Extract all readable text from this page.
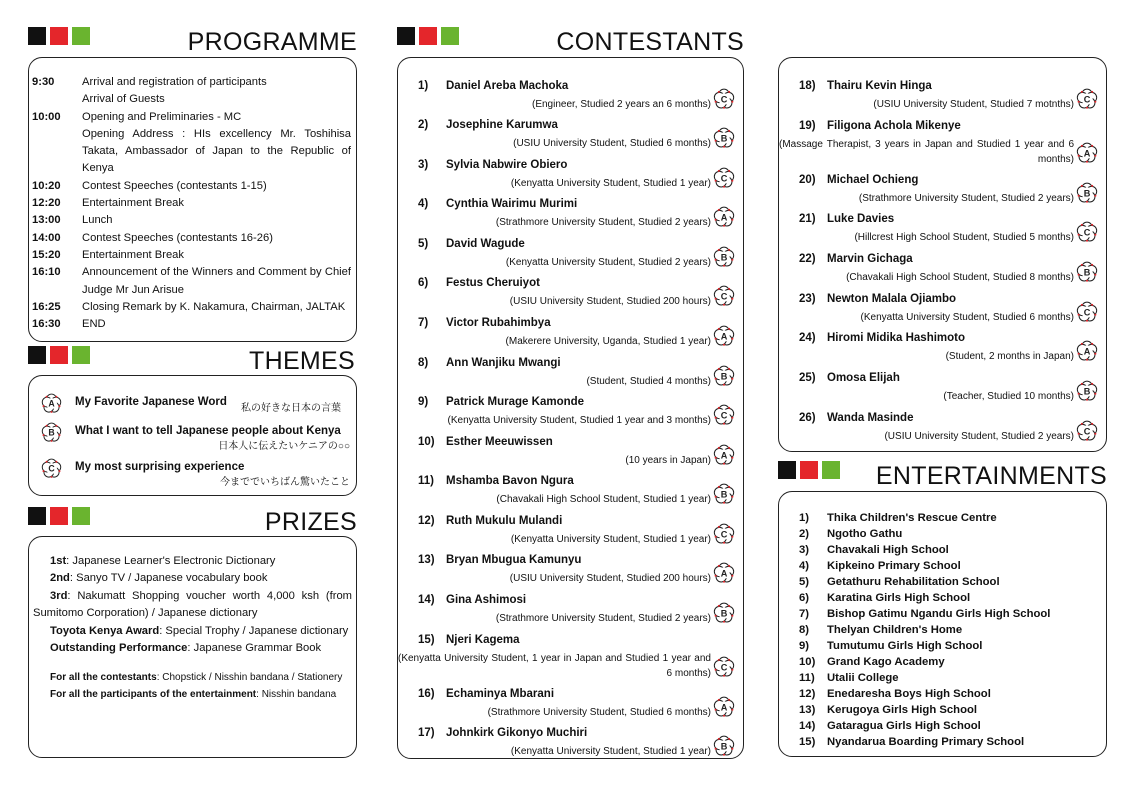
PROGRAMME
THEMES
PRIZES
CONTESTANTS
ENTERTAINMENTS
9:30	Arrival and registration of participants
Arrival of Guests
10:00	Opening and Preliminaries - MC
Opening Address : HIs excellency Mr. Toshihisa Takata, Ambassador of Japan to the Republic of Kenya
10:20	Contest Speeches (contestants 1-15)
12:20	Entertainment Break
13:00	Lunch
14:00	Contest Speeches (contestants 16-26)
15:20	Entertainment Break
16:10	Announcement of the Winners and Comment by Chief Judge Mr Jun Arisue
16:25	Closing Remark by K. Nakamura, Chairman, JALTAK
16:30	END
A My Favorite Japanese Word
私の好きな日本の言葉
B What I want to tell Japanese people about Kenya
日本人に伝えたいケニアの○○
C My most surprising experience
今まででいちばん驚いたこと
1st: Japanese Learner's Electronic Dictionary
2nd: Sanyo TV / Japanese vocabulary book
3rd: Nakumatt Shopping voucher worth 4,000 ksh (from Sumitomo Corporation) / Japanese dictionary
Toyota Kenya Award: Special Trophy / Japanese dictionary
Outstanding Performance: Japanese Grammar Book
For all the contestants: Chopstick / Nisshin bandana / Stationery
For all the participants of the entertainment: Nisshin bandana
1) Daniel Areba Machoka
(Engineer, Studied 2 years an 6 months) C
2) Josephine Karumwa
(USIU University Student, Studied 6 months) B
3) Sylvia Nabwire Obiero
(Kenyatta University Student, Studied 1 year) C
4) Cynthia Wairimu Murimi
(Strathmore University Student, Studied 2 years) A
5) David Wagude
(Kenyatta University Student, Studied 2 years) B
6) Festus Cheruiyot
(USIU University Student, Studied 200 hours) C
7) Victor Rubahimbya
(Makerere University, Uganda, Studied 1 year) A
8) Ann Wanjiku Mwangi
(Student, Studied 4 months) B
9) Patrick Murage Kamonde
(Kenyatta University Student, Studied 1 year and 3 months) C
10) Esther Meeuwissen
(10 years in Japan) A
11) Mshamba Bavon Ngura
(Chavakali High School Student, Studied 1 year) B
12) Ruth Mukulu Mulandi
(Kenyatta University Student, Studied 1 year) C
13) Bryan Mbugua Kamunyu
(USIU University Student, Studied 200 hours) A
14) Gina Ashimosi
(Strathmore University Student, Studied 2 years) B
15) Njeri Kagema
(Kenyatta University Student, 1 year in Japan and Studied 1 year and 6 months)
C
16) Echaminya Mbarani
(Strathmore University Student, Studied 6 months) A
17) Johnkirk Gikonyo Muchiri
(Kenyatta University Student, Studied 1 year) B
18) Thairu Kevin Hinga
(USIU University Student, Studied 7 motnths) C
19) Filigona Achola Mikenye
(Massage Therapist, 3 years in Japan and Studied 1 year and 6 months)
A
20) Michael Ochieng
(Strathmore University Student, Studied 2 years) B
21) Luke Davies
(Hillcrest High School Student, Studied 5 months) C
22) Marvin Gichaga
(Chavakali High School Student, Studied 8 months) B
23) Newton Malala Ojiambo
(Kenyatta University Student, Studied 6 months) C
24) Hiromi Midika Hashimoto
(Student, 2 months in Japan) A
25) Omosa Elijah
(Teacher, Studied 10 months) B
26) Wanda Masinde
(USIU University Student, Studied 2 years) C
1)	Thika Children's Rescue Centre
2)	Ngotho Gathu
3)	Chavakali High School
4)	Kipkeino Primary School
5)	Getathuru Rehabilitation School
6)	Karatina Girls High School
7)	Bishop Gatimu Ngandu Girls High School
8)	Thelyan Children's Home
9)	Tumutumu Girls High School
10)	Grand Kago Academy
11)	Utalii College
12)	Enedaresha Boys High School
13)	Kerugoya Girls High School
14)	Gataragua Girls High School
15)	Nyandarua Boarding Primary School
